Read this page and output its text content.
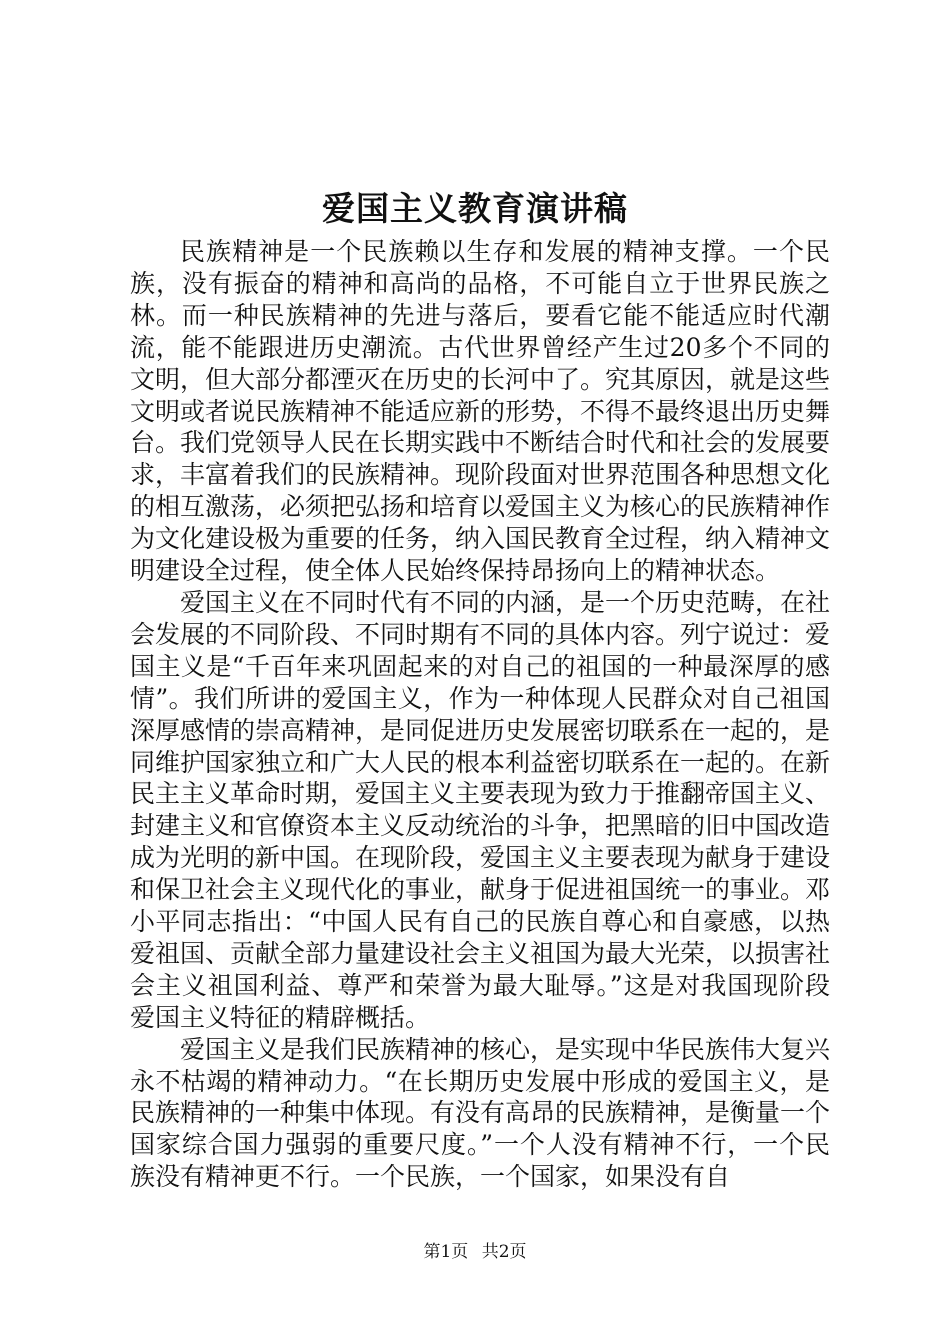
爱国主义教育演讲稿

民族精神是一个民族赖以生存和发展的精神支撑。一个民族，没有振奋的精神和高尚的品格，不可能自立于世界民族之林。而一种民族精神的先进与落后，要看它能不能适应时代潮流，能不能跟进历史潮流。古代世界曾经产生过20多个不同的文明，但大部分都湮灭在历史的长河中了。究其原因，就是这些文明或者说民族精神不能适应新的形势，不得不最终退出历史舞台。我们党领导人民在长期实践中不断结合时代和社会的发展要求，丰富着我们的民族精神。现阶段面对世界范围各种思想文化的相互激荡，必须把弘扬和培育以爱国主义为核心的民族精神作为文化建设极为重要的任务，纳入国民教育全过程，纳入精神文明建设全过程，使全体人民始终保持昂扬向上的精神状态。

爱国主义在不同时代有不同的内涵，是一个历史范畴，在社会发展的不同阶段、不同时期有不同的具体内容。列宁说过：爱国主义是“千百年来巩固起来的对自己的祖国的一种最深厚的感情”。我们所讲的爱国主义，作为一种体现人民群众对自己祖国深厚感情的崇高精神，是同促进历史发展密切联系在一起的，是同维护国家独立和广大人民的根本利益密切联系在一起的。在新民主主义革命时期，爱国主义主要表现为致力于推翻帝国主义、封建主义和官僚资本主义反动统治的斗争，把黑暗的旧中国改造成为光明的新中国。在现阶段，爱国主义主要表现为献身于建设和保卫社会主义现代化的事业，献身于促进祖国统一的事业。邓小平同志指出：“中国人民有自己的民族自尊心和自豪感，以热爱祖国、贡献全部力量建设社会主义祖国为最大光荣，以损害社会主义祖国利益、尊严和荣誉为最大耻辱。”这是对我国现阶段爱国主义特征的精辟概括。

爱国主义是我们民族精神的核心，是实现中华民族伟大复兴永不枯竭的精神动力。“在长期历史发展中形成的爱国主义，是民族精神的一种集中体现。有没有高昂的民族精神，是衡量一个国家综合国力强弱的重要尺度。”一个人没有精神不行，一个民族没有精神更不行。一个民族，一个国家，如果没有自

第1页 共2页
